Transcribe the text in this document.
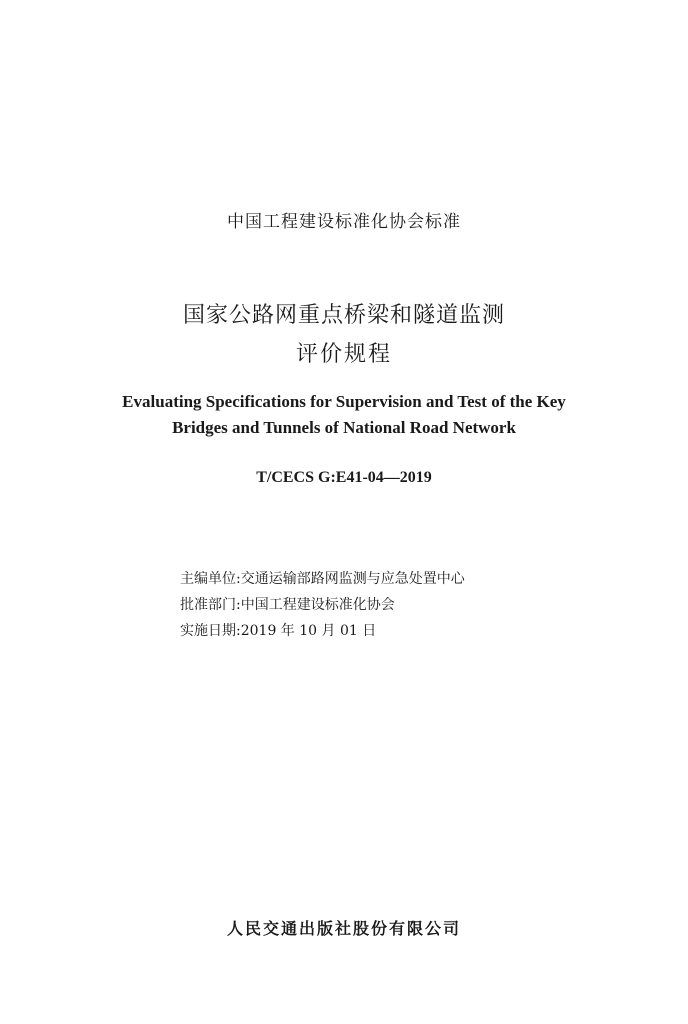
中国工程建设标准化协会标准
国家公路网重点桥梁和隧道监测
评价规程
Evaluating Specifications for Supervision and Test of the Key
Bridges and Tunnels of National Road Network
T/CECS G:E41-04—2019
主编单位:交通运输部路网监测与应急处置中心
批准部门:中国工程建设标准化协会
实施日期:2019 年 10 月 01 日
人民交通出版社股份有限公司
